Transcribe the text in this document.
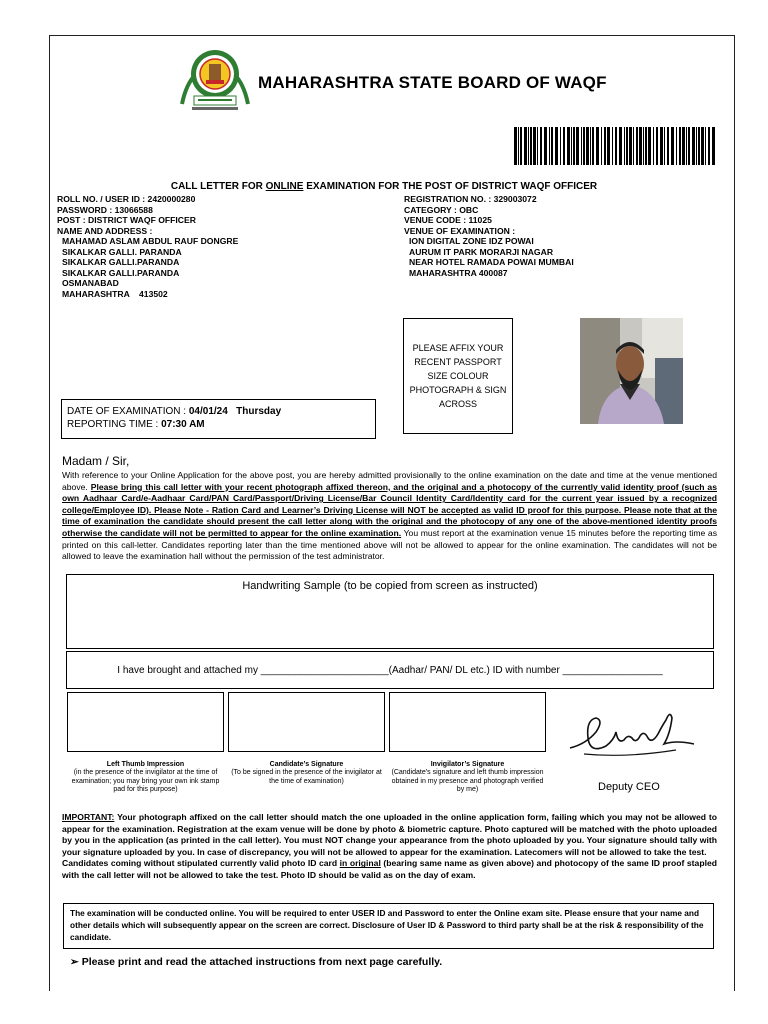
MAHARASHTRA STATE BOARD OF WAQF
CALL LETTER FOR ONLINE EXAMINATION FOR THE POST OF DISTRICT WAQF OFFICER
ROLL NO. / USER ID : 2420000280
PASSWORD : 13066588
POST : DISTRICT WAQF OFFICER
NAME AND ADDRESS :
MAHAMAD ASLAM ABDUL RAUF DONGRE
SIKALKAR GALLI. PARANDA
SIKALKAR GALLI.PARANDA
SIKALKAR GALLI.PARANDA
OSMANABAD
MAHARASHTRA    413502
REGISTRATION NO. : 329003072
CATEGORY : OBC
VENUE CODE : 11025
VENUE OF EXAMINATION :
ION DIGITAL ZONE IDZ POWAI
AURUM IT PARK MORARJI NAGAR
NEAR HOTEL RAMADA POWAI MUMBAI
MAHARASHTRA 400087
PLEASE AFFIX YOUR
RECENT PASSPORT
SIZE COLOUR
PHOTOGRAPH & SIGN
ACROSS
DATE OF EXAMINATION : 04/01/24   Thursday
REPORTING TIME : 07:30 AM
Madam / Sir,
With reference to your Online Application for the above post, you are hereby admitted provisionally to the online examination on the date and time at the venue mentioned above. Please bring this call letter with your recent photograph affixed thereon, and the original and a photocopy of the currently valid identity proof (such as own Aadhaar Card/e-Aadhaar Card/PAN Card/Passport/Driving License/Bar Council Identity Card/Identity card for the current year issued by a recognized college/Employee ID). Please Note - Ration Card and Learner’s Driving License will NOT be accepted as valid ID proof for this purpose. Please note that at the time of examination the candidate should present the call letter along with the original and the photocopy of any one of the above-mentioned identity proofs otherwise the candidate will not be permitted to appear for the online examination. You must report at the examination venue 15 minutes before the reporting time as printed on this call-letter. Candidates reporting later than the time mentioned above will not be allowed to appear for the online examination. The candidates will not be allowed to leave the examination hall without the permission of the test administrator.
Handwriting Sample (to be copied from screen as instructed)
I have brought and attached my _______________________(Aadhar/ PAN/ DL etc.) ID with number __________________
Left Thumb Impression
(in the presence of the invigilator at the time of examination; you may bring your own ink stamp pad for this purpose)
Candidate’s Signature
(To be signed in the presence of the invigilator at the time of examination)
Invigilator’s Signature
(Candidate’s signature and left thumb impression obtained in my presence and photograph verified by me)	Deputy CEO
IMPORTANT: Your photograph affixed on the call letter should match the one uploaded in the online application form, failing which you may not be allowed to appear for the examination. Registration at the exam venue will be done by photo & biometric capture. Photo captured will be matched with the photo uploaded by you in the application (as printed in the call letter). You must NOT change your appearance from the photo uploaded by you. Your signature should tally with your signature uploaded by you. In case of discrepancy, you will not be allowed to appear for the examination. Latecomers will not be allowed to take the test.
Candidates coming without stipulated currently valid photo ID card in original (bearing same name as given above) and photocopy of the same ID proof stapled with the call letter will not be allowed to take the test. Photo ID should be valid as on the day of exam.
The examination will be conducted online. You will be required to enter USER ID and Password to enter the Online exam site. Please ensure that your name and other details which will subsequently appear on the screen are correct. Disclosure of User ID & Password to third party shall be at the risk & responsibility of the candidate.
➢ Please print and read the attached instructions from next page carefully.
